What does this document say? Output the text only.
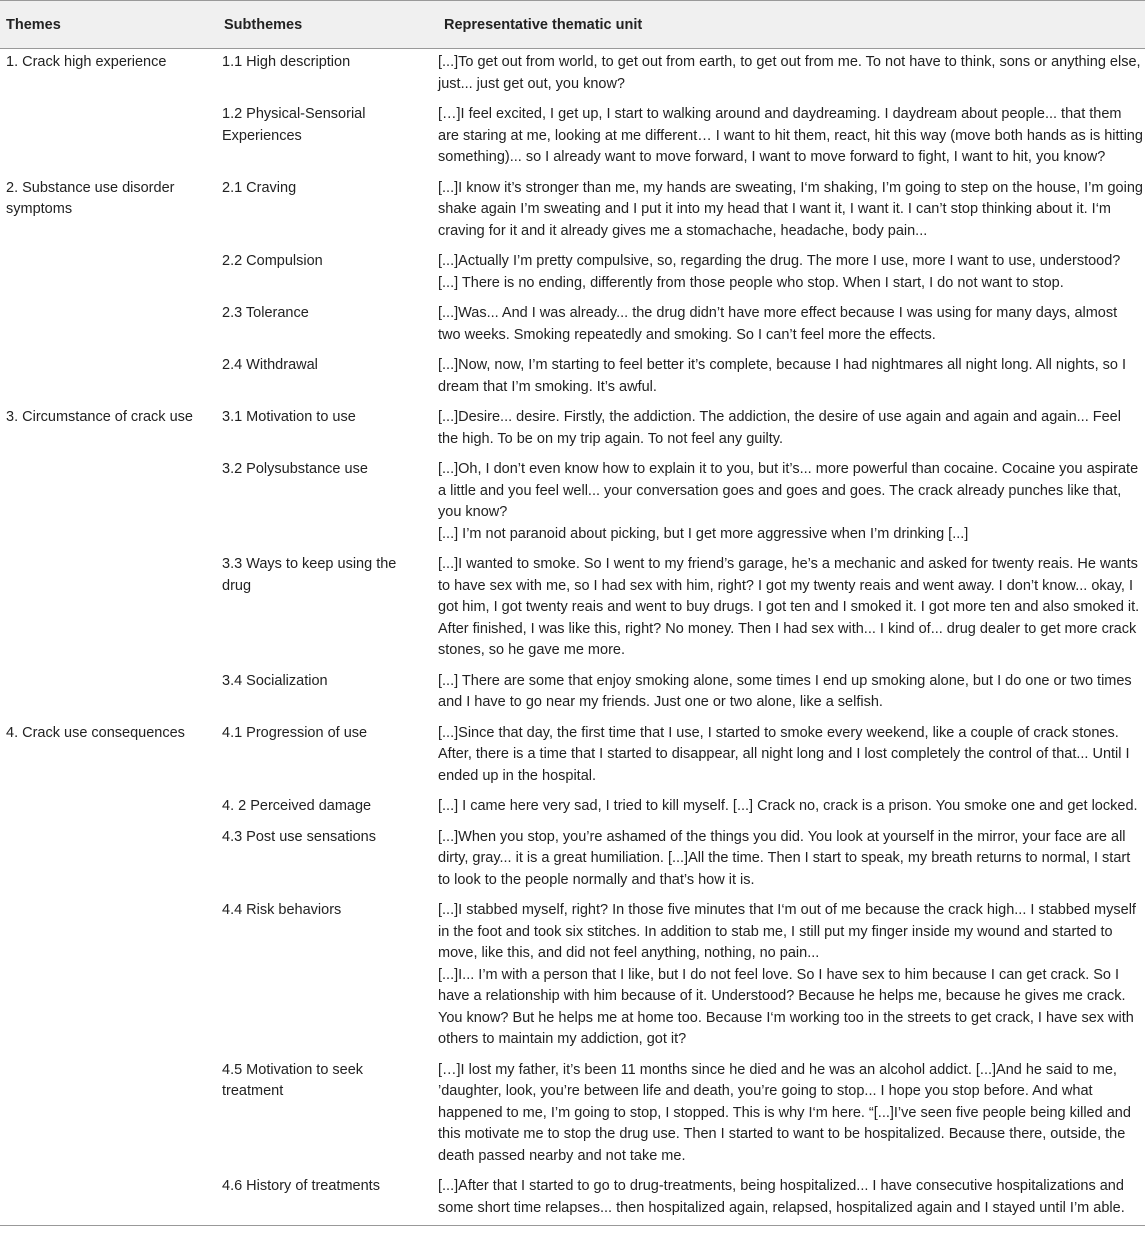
Themes	Subthemes	Representative thematic unit
1. Crack high experience	1.1 High description	[...]To get out from world, to get out from earth, to get out from me. To not have to think, sons or anything else, just... just get out, you know?

	1.2 Physical-Sensorial Experiences	[…]I feel excited, I get up, I start to walking around and daydreaming. I daydream about people... that them are staring at me, looking at me different… I want to hit them, react, hit this way (move both hands as is hitting something)... so I already want to move forward, I want to move forward to fight, I want to hit, you know?

2. Substance use disorder symptoms	2.1 Craving	[...]I know it’s stronger than me, my hands are sweating, I‘m shaking, I’m going to step on the house, I’m going shake again I’m sweating and I put it into my head that I want it, I want it. I can’t stop thinking about it. I‘m craving for it and it already gives me a stomachache, headache, body pain...

	2.2 Compulsion	[...]Actually I’m pretty compulsive, so, regarding the drug. The more I use, more I want to use, understood? [...] There is no ending, differently from those people who stop. When I start, I do not want to stop.

	2.3 Tolerance	[...]Was... And I was already... the drug didn’t have more effect because I was using for many days, almost two weeks. Smoking repeatedly and smoking. So I can’t feel more the effects.

	2.4 Withdrawal	[...]Now, now, I’m starting to feel better it’s complete, because I had nightmares all night long. All nights, so I dream that I’m smoking. It’s awful.

3. Circumstance of crack use	3.1 Motivation to use	[...]Desire... desire. Firstly, the addiction. The addiction, the desire of use again and again and again... Feel the high. To be on my trip again. To not feel any guilty.

	3.2 Polysubstance use	[...]Oh, I don’t even know how to explain it to you, but it’s... more powerful than cocaine. Cocaine you aspirate a little and you feel well... your conversation goes and goes and goes. The crack already punches like that, you know?

[...] I’m not paranoid about picking, but I get more aggressive when I’m drinking [...]

	3.3 Ways to keep using the drug	[...]I wanted to smoke. So I went to my friend’s garage, he’s a mechanic and asked for twenty reais. He wants to have sex with me, so I had sex with him, right? I got my twenty reais and went away. I don’t know... okay, I got him, I got twenty reais and went to buy drugs. I got ten and I smoked it. I got more ten and also smoked it. After finished, I was like this, right? No money. Then I had sex with... I kind of... drug dealer to get more crack stones, so he gave me more.

	3.4 Socialization	[...] There are some that enjoy smoking alone, some times I end up smoking alone, but I do one or two times and I have to go near my friends. Just one or two alone, like a selfish.

4. Crack use consequences	4.1 Progression of use	[...]Since that day, the first time that I use, I started to smoke every weekend, like a couple of crack stones. After, there is a time that I started to disappear, all night long and I lost completely the control of that... Until I ended up in the hospital.

	4. 2 Perceived damage	[...] I came here very sad, I tried to kill myself. [...] Crack no, crack is a prison. You smoke one and get locked.

	4.3 Post use sensations	[...]When you stop, you’re ashamed of the things you did. You look at yourself in the mirror, your face are all dirty, gray... it is a great humiliation. [...]All the time. Then I start to speak, my breath returns to normal, I start to look to the people normally and that’s how it is.

	4.4 Risk behaviors	[...]I stabbed myself, right? In those five minutes that I‘m out of me because the crack high... I stabbed myself in the foot and took six stitches. In addition to stab me, I still put my finger inside my wound and started to move, like this, and did not feel anything, nothing, no pain...

[...]I... I’m with a person that I like, but I do not feel love. So I have sex to him because I can get crack. So I have a relationship with him because of it. Understood? Because he helps me, because he gives me crack. You know? But he helps me at home too. Because I‘m working too in the streets to get crack, I have sex with others to maintain my addiction, got it?

	4.5 Motivation to seek treatment	[…]I lost my father, it’s been 11 months since he died and he was an alcohol addict. [...]And he said to me, ’daughter, look, you’re between life and death, you’re going to stop... I hope you stop before. And what happened to me, I’m going to stop, I stopped. This is why I‘m here. “[...]I’ve seen five people being killed and this motivate me to stop the drug use. Then I started to want to be hospitalized. Because there, outside, the death passed nearby and not take me.

	4.6 History of treatments	[...]After that I started to go to drug-treatments, being hospitalized... I have consecutive hospitalizations and some short time relapses... then hospitalized again, relapsed, hospitalized again and I stayed until I’m able.
